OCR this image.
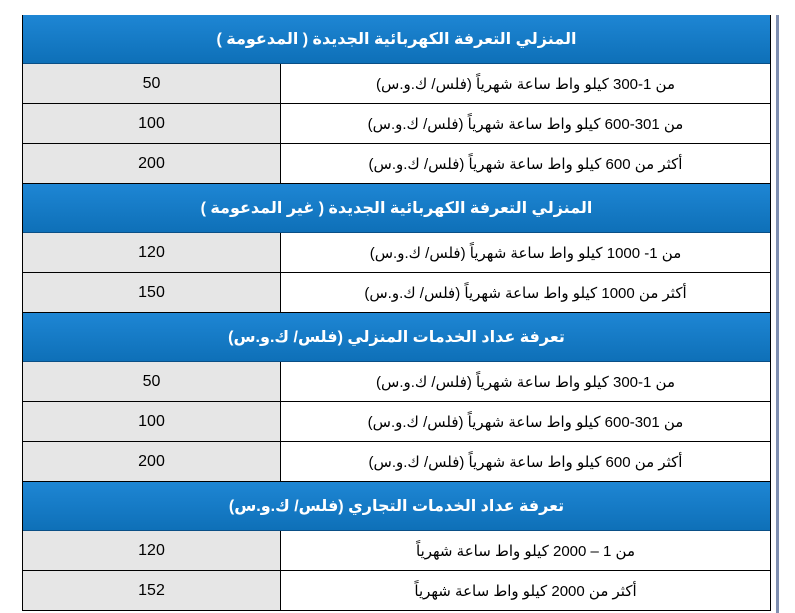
المنزلي التعرفة الكهربائية الجديدة ( المدعومة )
50	من 1-300 كيلو واط ساعة شهرياً (فلس/ ك.و.س)
100	من 301-600 كيلو واط ساعة شهرياً (فلس/ ك.و.س)
200	أكثر من 600 كيلو واط ساعة شهرياً (فلس/ ك.و.س)
المنزلي التعرفة الكهربائية الجديدة ( غير المدعومة )
120	من 1- 1000 كيلو واط ساعة شهرياً (فلس/ ك.و.س)
150	أكثر من 1000 كيلو واط ساعة شهرياً (فلس/ ك.و.س)
تعرفة عداد الخدمات المنزلي (فلس/ ك.و.س)
50	من 1-300 كيلو واط ساعة شهرياً (فلس/ ك.و.س)
100	من 301-600 كيلو واط ساعة شهرياً (فلس/ ك.و.س)
200	أكثر من 600 كيلو واط ساعة شهرياً (فلس/ ك.و.س)
تعرفة عداد الخدمات التجاري (فلس/ ك.و.س)
120	من 1 – 2000 كيلو واط ساعة شهرياً
152	أكثر من 2000 كيلو واط ساعة شهرياً
